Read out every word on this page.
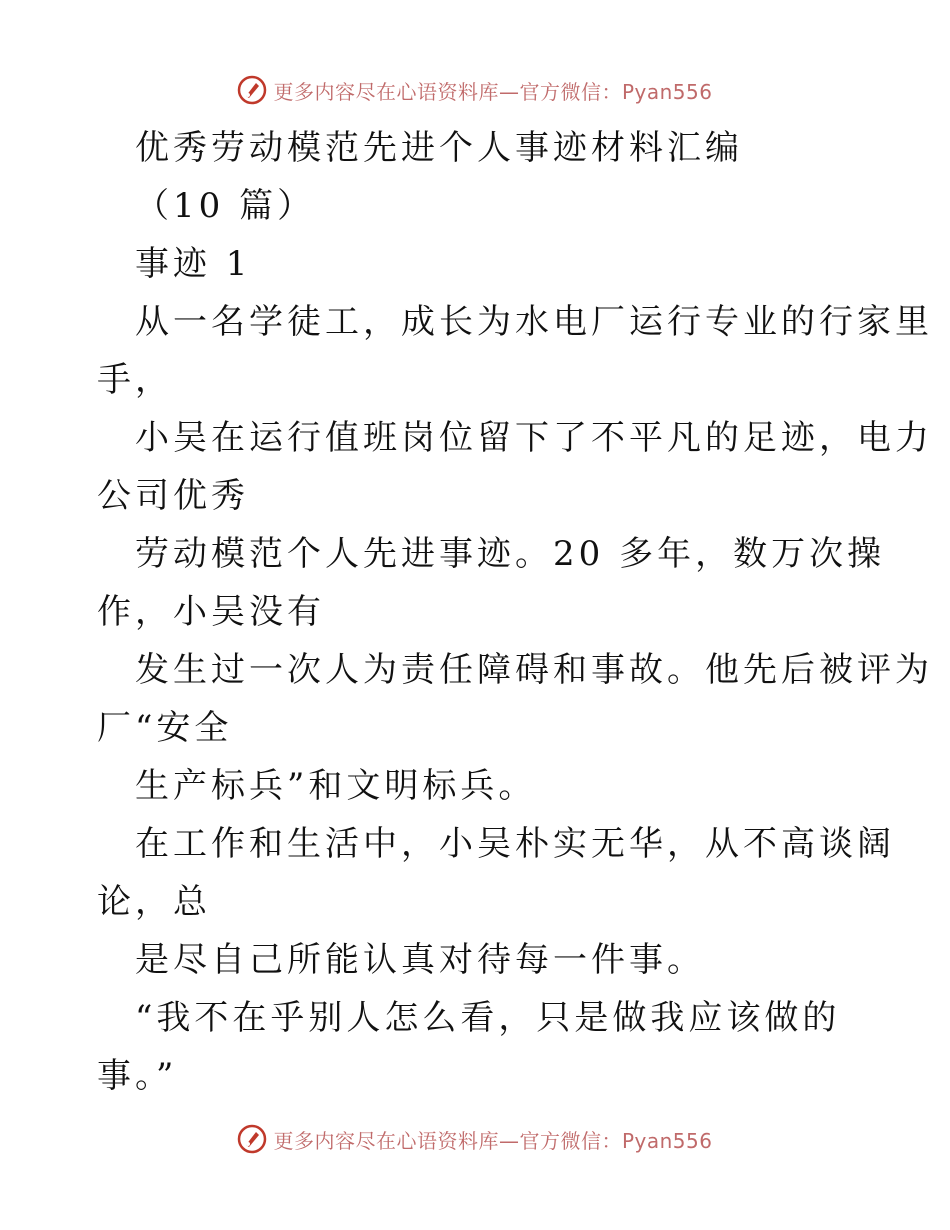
更多内容尽在心语资料库—官方微信：Pyan556
优秀劳动模范先进个人事迹材料汇编
（10 篇）
事迹 1
从一名学徒工，成长为水电厂运行专业的行家里
手，
小吴在运行值班岗位留下了不平凡的足迹，电力
公司优秀
劳动模范个人先进事迹。20 多年，数万次操
作，小吴没有
发生过一次人为责任障碍和事故。他先后被评为
厂“安全
生产标兵”和文明标兵。
在工作和生活中，小吴朴实无华，从不高谈阔
论，总
是尽自己所能认真对待每一件事。
“我不在乎别人怎么看，只是做我应该做的
事。”
更多内容尽在心语资料库—官方微信：Pyan556
